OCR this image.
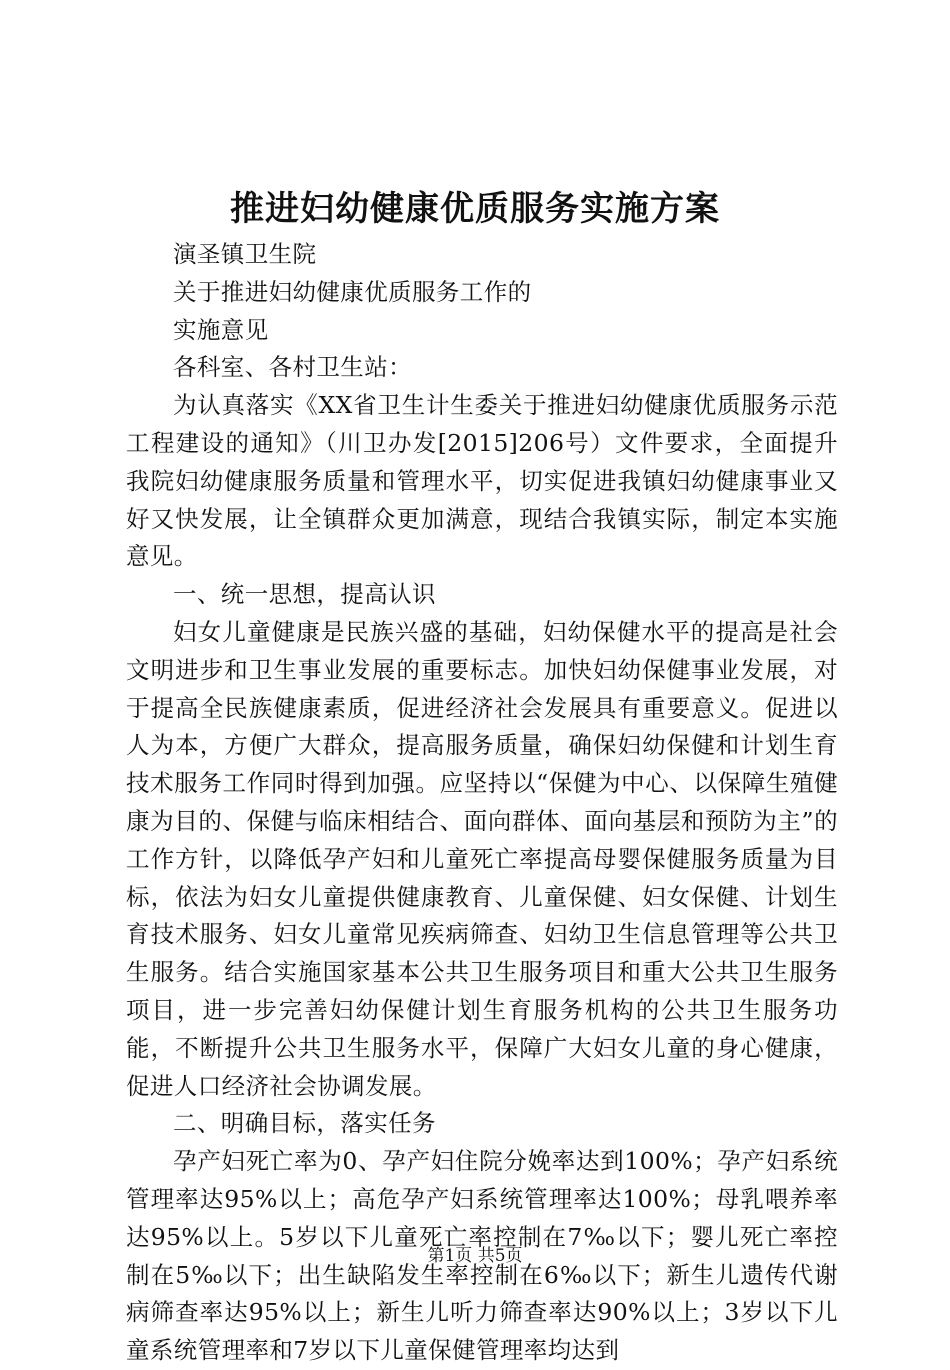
推进妇幼健康优质服务实施方案

演圣镇卫生院

关于推进妇幼健康优质服务工作的

实施意见

各科室、各村卫生站：

为认真落实《XX省卫生计生委关于推进妇幼健康优质服务示范工程建设的通知》（川卫办发[2015]206号）文件要求，全面提升我院妇幼健康服务质量和管理水平，切实促进我镇妇幼健康事业又好又快发展，让全镇群众更加满意，现结合我镇实际，制定本实施意见。

一、统一思想，提高认识

妇女儿童健康是民族兴盛的基础，妇幼保健水平的提高是社会文明进步和卫生事业发展的重要标志。加快妇幼保健事业发展，对于提高全民族健康素质，促进经济社会发展具有重要意义。促进以人为本，方便广大群众，提高服务质量，确保妇幼保健和计划生育技术服务工作同时得到加强。应坚持以“保健为中心、以保障生殖健康为目的、保健与临床相结合、面向群体、面向基层和预防为主”的工作方针，以降低孕产妇和儿童死亡率提高母婴保健服务质量为目标，依法为妇女儿童提供健康教育、儿童保健、妇女保健、计划生育技术服务、妇女儿童常见疾病筛查、妇幼卫生信息管理等公共卫生服务。结合实施国家基本公共卫生服务项目和重大公共卫生服务项目，进一步完善妇幼保健计划生育服务机构的公共卫生服务功能，不断提升公共卫生服务水平，保障广大妇女儿童的身心健康，促进人口经济社会协调发展。

二、明确目标，落实任务

孕产妇死亡率为0、孕产妇住院分娩率达到100%；孕产妇系统管理率达95%以上；高危孕产妇系统管理率达100%；母乳喂养率达95%以上。5岁以下儿童死亡率控制在7‰以下；婴儿死亡率控制在5‰以下；出生缺陷发生率控制在6‰以下；新生儿遗传代谢病筛查率达95%以上；新生儿听力筛查率达90%以上；3岁以下儿童系统管理率和7岁以下儿童保健管理率均达到

第1页 共5页
